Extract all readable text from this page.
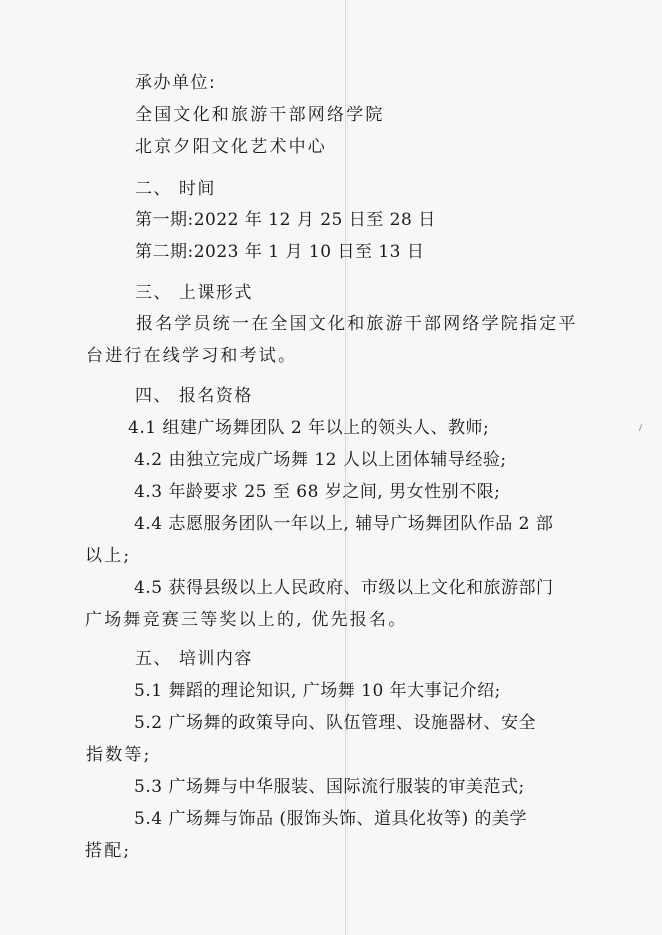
承办单位:
全国文化和旅游干部网络学院
北京夕阳文化艺术中心
二、 时间
第一期:2022 年 12 月 25 日至 28 日
第二期:2023 年 1 月 10 日至 13 日
三、 上课形式
报名学员统一在全国文化和旅游干部网络学院指定平
台进行在线学习和考试。
四、 报名资格
4.1 组建广场舞团队 2 年以上的领头人、教师;
4.2 由独立完成广场舞 12 人以上团体辅导经验;
4.3 年龄要求 25 至 68 岁之间, 男女性别不限;
4.4 志愿服务团队一年以上, 辅导广场舞团队作品 2 部
以上;
4.5 获得县级以上人民政府、市级以上文化和旅游部门
广场舞竞赛三等奖以上的, 优先报名。
五、 培训内容
5.1 舞蹈的理论知识, 广场舞 10 年大事记介绍;
5.2 广场舞的政策导向、队伍管理、设施器材、安全
指数等;
5.3 广场舞与中华服装、国际流行服装的审美范式;
5.4 广场舞与饰品 (服饰头饰、道具化妆等) 的美学
搭配;
